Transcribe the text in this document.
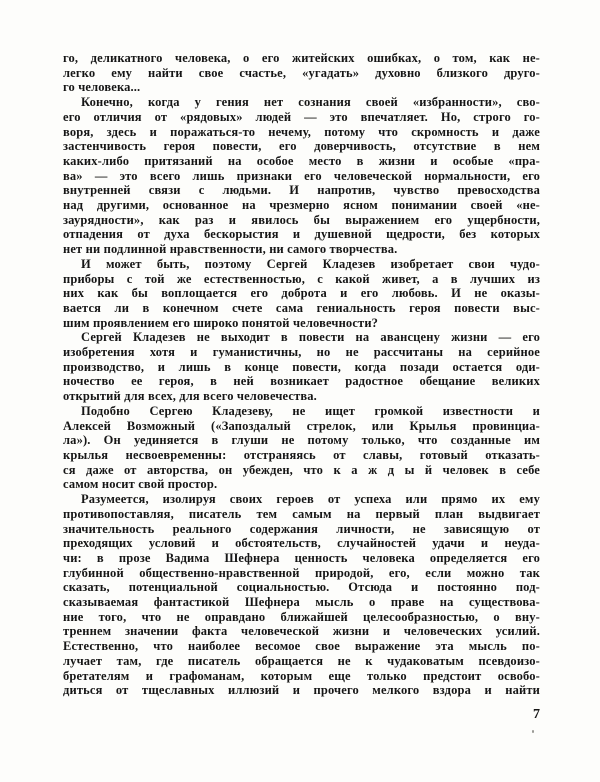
го, деликатного человека, о его житейских ошибках, о том, как не-
легко ему найти свое счастье, «угадать» духовно близкого друго-
го человека...
Конечно, когда у гения нет сознания своей «избранности», сво-
его отличия от «рядовых» людей — это впечатляет. Но, строго го-
воря, здесь и поражаться-то нечему, потому что скромность и даже
застенчивость героя повести, его доверчивость, отсутствие в нем
каких-либо притязаний на особое место в жизни и особые «пра-
ва» — это всего лишь признаки его человеческой нормальности, его
внутренней связи с людьми. И напротив, чувство превосходства
над другими, основанное на чрезмерно ясном понимании своей «не-
заурядности», как раз и явилось бы выражением его ущербности,
отпадения от духа бескорыстия и душевной щедрости, без которых
нет ни подлинной нравственности, ни самого творчества.
И может быть, поэтому Сергей Кладезев изобретает свои чудо-
приборы с той же естественностью, с какой живет, а в лучших из
них как бы воплощается его доброта и его любовь. И не оказы-
вается ли в конечном счете сама гениальность героя повести выс-
шим проявлением его широко понятой человечности?
Сергей Кладезев не выходит в повести на авансцену жизни — его
изобретения хотя и гуманистичны, но не рассчитаны на серийное
производство, и лишь в конце повести, когда позади остается оди-
ночество ее героя, в ней возникает радостное обещание великих
открытий для всех, для всего человечества.
Подобно Сергею Кладезеву, не ищет громкой известности и
Алексей Возможный («Запоздалый стрелок, или Крылья провинциа-
ла»). Он уединяется в глуши не потому только, что созданные им
крылья несвоевременны: отстраняясь от славы, готовый отказать-
ся даже от авторства, он убежден, что к а ж д ы й человек в себе
самом носит свой простор.
Разумеется, изолируя своих героев от успеха или прямо их ему
противопоставляя, писатель тем самым на первый план выдвигает
значительность реального содержания личности, не зависящую от
преходящих условий и обстоятельств, случайностей удачи и неуда-
чи: в прозе Вадима Шефнера ценность человека определяется его
глубинной общественно-нравственной природой, его, если можно так
сказать, потенциальной социальностью. Отсюда и постоянно под-
сказываемая фантастикой Шефнера мысль о праве на существова-
ние того, что не оправдано ближайшей целесообразностью, о вну-
треннем значении факта человеческой жизни и человеческих усилий.
Естественно, что наиболее весомое свое выражение эта мысль по-
лучает там, где писатель обращается не к чудаковатым псевдоизо-
бретателям и графоманам, которым еще только предстоит освобо-
диться от тщеславных иллюзий и прочего мелкого вздора и найти
7
